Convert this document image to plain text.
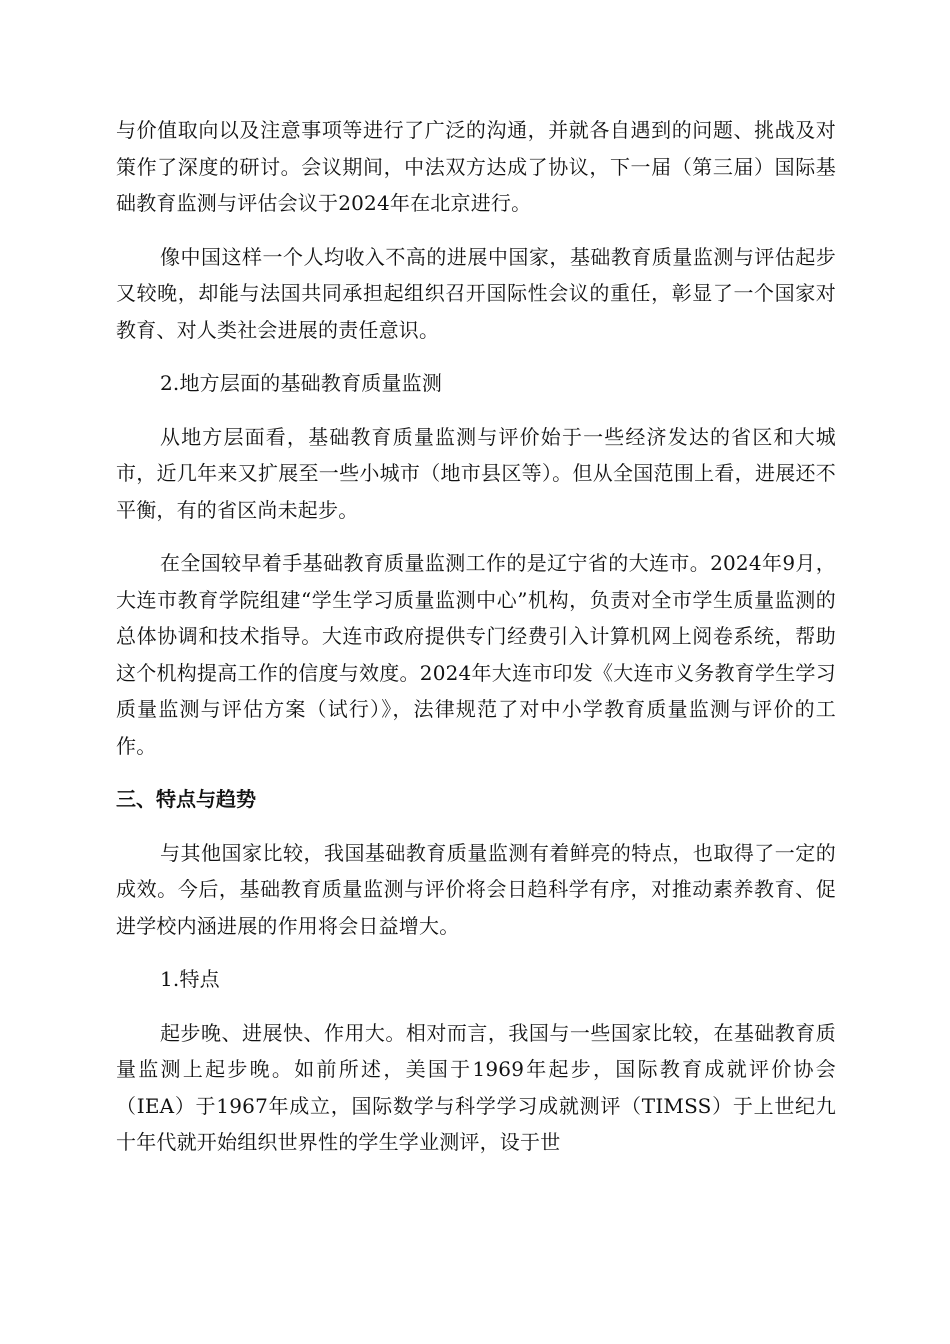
与价值取向以及注意事项等进行了广泛的沟通，并就各自遇到的问题、挑战及对策作了深度的研讨。会议期间，中法双方达成了协议，下一届（第三届）国际基础教育监测与评估会议于2024年在北京进行。

像中国这样一个人均收入不高的进展中国家，基础教育质量监测与评估起步又较晚，却能与法国共同承担起组织召开国际性会议的重任，彰显了一个国家对教育、对人类社会进展的责任意识。

2.地方层面的基础教育质量监测

从地方层面看，基础教育质量监测与评价始于一些经济发达的省区和大城市，近几年来又扩展至一些小城市（地市县区等）。但从全国范围上看，进展还不平衡，有的省区尚未起步。

在全国较早着手基础教育质量监测工作的是辽宁省的大连市。2024年9月，大连市教育学院组建“学生学习质量监测中心”机构，负责对全市学生质量监测的总体协调和技术指导。大连市政府提供专门经费引入计算机网上阅卷系统，帮助这个机构提高工作的信度与效度。2024年大连市印发《大连市义务教育学生学习质量监测与评估方案（试行）》，法律规范了对中小学教育质量监测与评价的工作。

三、特点与趋势

与其他国家比较，我国基础教育质量监测有着鲜亮的特点，也取得了一定的成效。今后，基础教育质量监测与评价将会日趋科学有序，对推动素养教育、促进学校内涵进展的作用将会日益增大。

1.特点

起步晚、进展快、作用大。相对而言，我国与一些国家比较，在基础教育质量监测上起步晚。如前所述，美国于1969年起步，国际教育成就评价协会（IEA）于1967年成立，国际数学与科学学习成就测评（TIMSS）于上世纪九十年代就开始组织世界性的学生学业测评，设于世
